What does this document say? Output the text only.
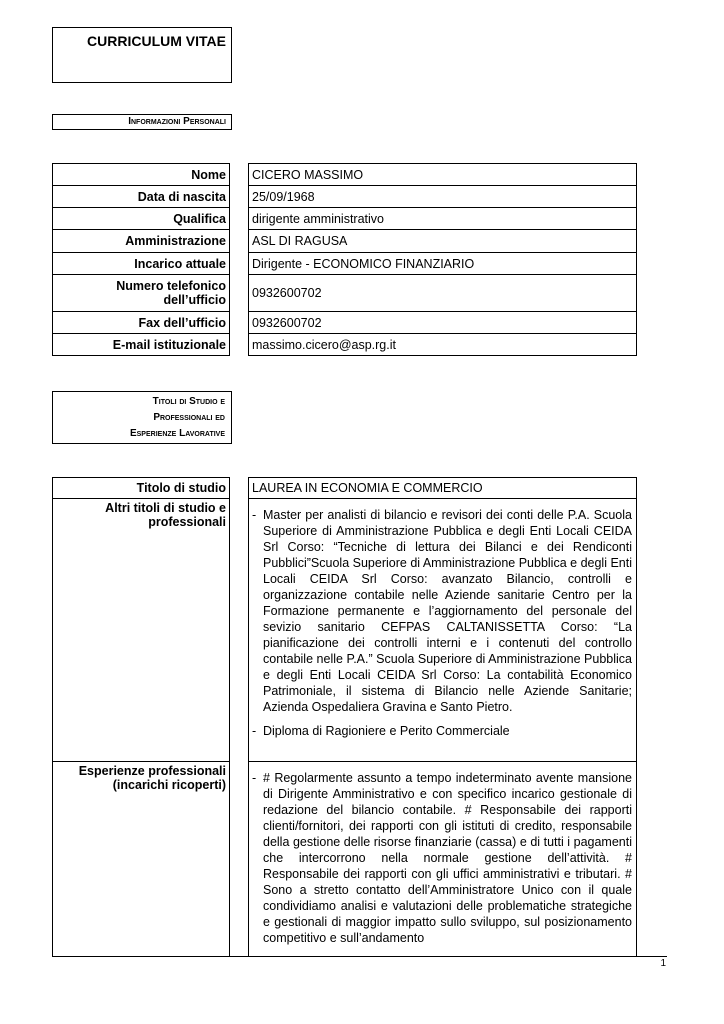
CURRICULUM VITAE
Informazioni Personali
Nome	CICERO MASSIMO
Data di nascita	25/09/1968
Qualifica	dirigente amministrativo
Amministrazione	ASL DI RAGUSA
Incarico attuale	Dirigente - ECONOMICO FINANZIARIO
Numero telefonico dell’ufficio	0932600702
Fax dell’ufficio	0932600702
E-mail istituzionale	massimo.cicero@asp.rg.it
Titoli di Studio e
Professionali ed
Esperienze Lavorative
Titolo di studio	LAUREA IN ECONOMIA E COMMERCIO
Altri titoli di studio e professionali	- Master per analisti di bilancio e revisori dei conti delle P.A. Scuola Superiore di Amministrazione Pubblica e degli Enti Locali CEIDA Srl Corso: “Tecniche di lettura dei Bilanci e dei Rendiconti Pubblici”Scuola Superiore di Amministrazione Pubblica e degli Enti Locali CEIDA Srl Corso: avanzato Bilancio, controlli e organizzazione contabile nelle Aziende sanitarie Centro per la Formazione permanente e l’aggiornamento del personale del sevizio sanitario CEFPAS CALTANISSETTA Corso: “La pianificazione dei controlli interni e i contenuti del controllo contabile nelle P.A.” Scuola Superiore di Amministrazione Pubblica e degli Enti Locali CEIDA Srl Corso: La contabilità Economico Patrimoniale, il sistema di Bilancio nelle Aziende Sanitarie; Azienda Ospedaliera Gravina e Santo Pietro.
- Diploma di Ragioniere e Perito Commerciale
Esperienze professionali (incarichi ricoperti)	- # Regolarmente assunto a tempo indeterminato avente mansione di Dirigente Amministrativo e con specifico incarico gestionale di redazione del bilancio contabile. # Responsabile dei rapporti clienti/fornitori, dei rapporti con gli istituti di credito, responsabile della gestione delle risorse finanziarie (cassa) e di tutti i pagamenti che intercorrono nella normale gestione dell’attività. # Responsabile dei rapporti con gli uffici amministrativi e tributari. # Sono a stretto contatto dell’Amministratore Unico con il quale condividiamo analisi e valutazioni delle problematiche strategiche e gestionali di maggior impatto sullo sviluppo, sul posizionamento competitivo e sull’andamento
1
